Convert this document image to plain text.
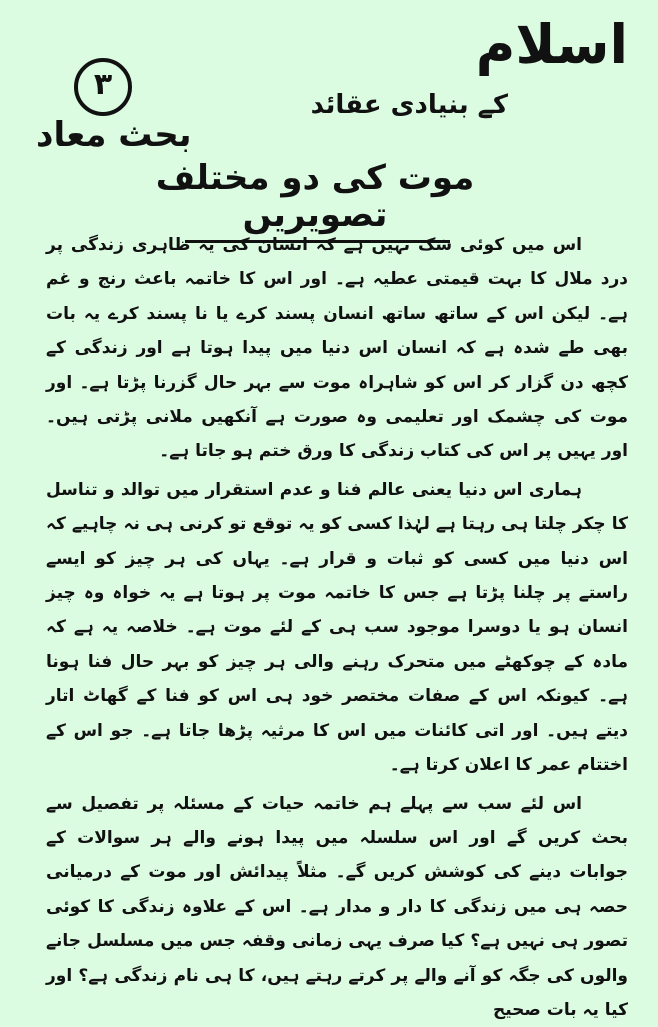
اسلام
کے بنیادی عقائد
۳
بحث معاد
موت کی دو مختلف تصویریں

اس میں کوئی شک نہیں ہے کہ انسان کی یہ ظاہری زندگی پر درد ملال کا بہت قیمتی عطیہ ہے۔ اور اس کا خاتمہ باعث رنج و غم ہے۔ لیکن اس کے ساتھ ساتھ انسان پسند کرے یا نا پسند کرے یہ بات بھی طے شدہ ہے کہ انسان اس دنیا میں پیدا ہوتا ہے اور زندگی کے کچھ دن گزار کر اس کو شاہراہ موت سے بہر حال گزرنا پڑتا ہے۔ اور موت کی چشمک اور تعلیمی وہ صورت ہے آنکھیں ملانی پڑتی ہیں۔ اور یہیں پر اس کی کتاب زندگی کا ورق ختم ہو جاتا ہے۔

ہماری اس دنیا یعنی عالم فنا و عدم استقرار میں توالد و تناسل کا چکر چلتا ہی رہتا ہے لہٰذا کسی کو یہ توقع تو کرنی ہی نہ چاہیے کہ اس دنیا میں کسی کو ثبات و قرار ہے۔ یہاں کی ہر چیز کو ایسے راستے پر چلنا پڑتا ہے جس کا خاتمہ موت پر ہوتا ہے یہ خواہ وہ چیز انسان ہو یا دوسرا موجود سب ہی کے لئے موت ہے۔ خلاصہ یہ ہے کہ مادہ کے چوکھٹے میں متحرک رہنے والی ہر چیز کو بہر حال فنا ہونا ہے۔ کیونکہ اس کے صفات مختصر خود ہی اس کو فنا کے گھاٹ اتار دیتے ہیں۔ اور اتی کائنات میں اس کا مرثیہ پڑھا جاتا ہے۔ جو اس کے اختتام عمر کا اعلان کرتا ہے۔

اس لئے سب سے پہلے ہم خاتمہ حیات کے مسئلہ پر تفصیل سے بحث کریں گے اور اس سلسلہ میں پیدا ہونے والے ہر سوالات کے جوابات دینے کی کوشش کریں گے۔ مثلاً پیدائش اور موت کے درمیانی حصہ ہی میں زندگی کا دار و مدار ہے۔ اس کے علاوہ زندگی کا کوئی تصور ہی نہیں ہے؟ کیا صرف یہی زمانی وقفہ جس میں مسلسل جانے والوں کی جگہ کو آنے والے پر کرتے رہتے ہیں، کا ہی نام زندگی ہے؟ اور کیا یہ بات صحیح
